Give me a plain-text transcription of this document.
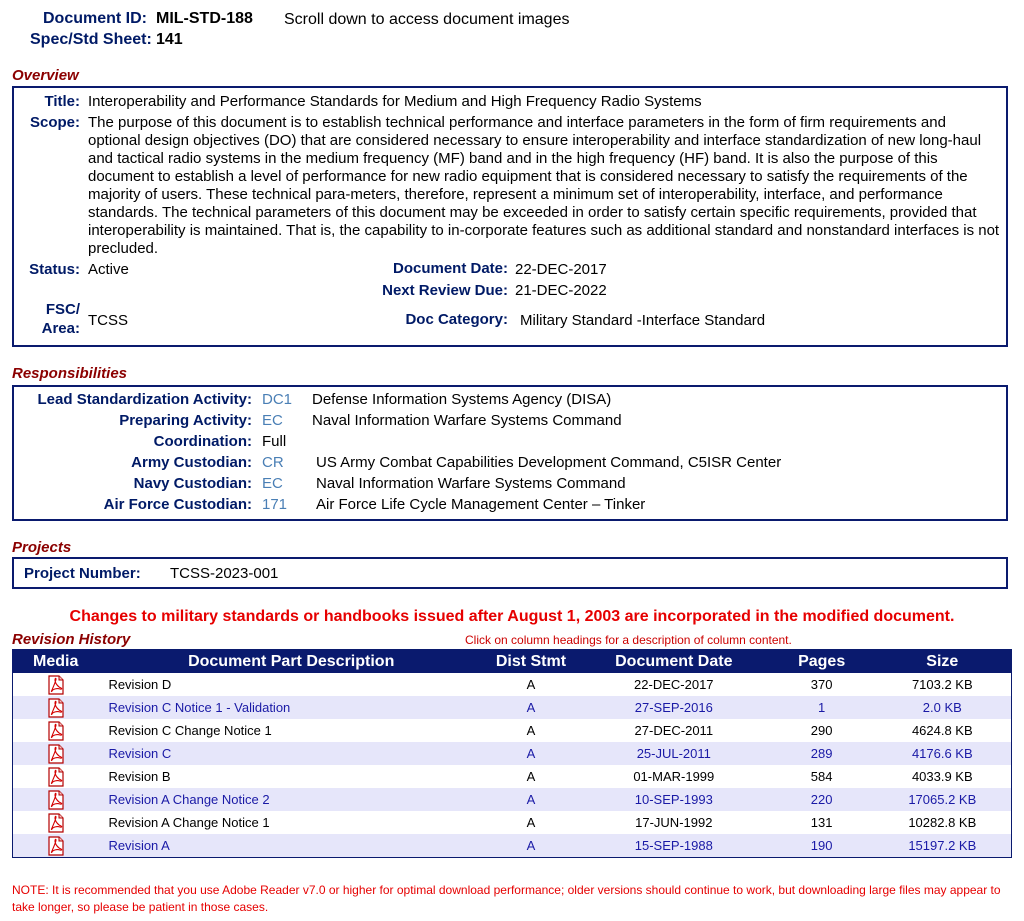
Document ID: MIL-STD-188 Scroll down to access document images
Spec/Std Sheet: 141
Overview
Title: Interoperability and Performance Standards for Medium and High Frequency Radio Systems
Scope: The purpose of this document is to establish technical performance and interface parameters in the form of firm requirements and optional design objectives (DO) that are considered necessary to ensure interoperability and interface standardization of new long-haul and tactical radio systems in the medium frequency (MF) band and in the high frequency (HF) band. It is also the purpose of this document to establish a level of performance for new radio equipment that is considered necessary to satisfy the requirements of the majority of users. These technical para-meters, therefore, represent a minimum set of interoperability, interface, and performance standards. The technical parameters of this document may be exceeded in order to satisfy certain specific requirements, provided that interoperability is maintained. That is, the capability to in-corporate features such as additional standard and nonstandard interfaces is not precluded.
Status: Active	Document Date: 22-DEC-2017
Next Review Due: 21-DEC-2022
FSC/
Area: TCSS	Doc Category: Military Standard -Interface Standard
Responsibilities
Lead Standardization Activity: DC1 Defense Information Systems Agency (DISA)
Preparing Activity: EC Naval Information Warfare Systems Command
Coordination: Full
Army Custodian: CR US Army Combat Capabilities Development Command, C5ISR Center
Navy Custodian: EC Naval Information Warfare Systems Command
Air Force Custodian: 171 Air Force Life Cycle Management Center – Tinker
Projects
Project Number: TCSS-2023-001
Changes to military standards or handbooks issued after August 1, 2003 are incorporated in the modified document.
Revision History	Click on column headings for a description of column content.
Media	Document Part Description	Dist Stmt	Document Date	Pages	Size
	Revision D	A	22-DEC-2017	370	7103.2 KB
	Revision C Notice 1 - Validation	A	27-SEP-2016	1	2.0 KB
	Revision C Change Notice 1	A	27-DEC-2011	290	4624.8 KB
	Revision C	A	25-JUL-2011	289	4176.6 KB
	Revision B	A	01-MAR-1999	584	4033.9 KB
	Revision A Change Notice 2	A	10-SEP-1993	220	17065.2 KB
	Revision A Change Notice 1	A	17-JUN-1992	131	10282.8 KB
	Revision A	A	15-SEP-1988	190	15197.2 KB
NOTE: It is recommended that you use Adobe Reader v7.0 or higher for optimal download performance; older versions should continue to work, but downloading large files may appear to take longer, so please be patient in those cases.
